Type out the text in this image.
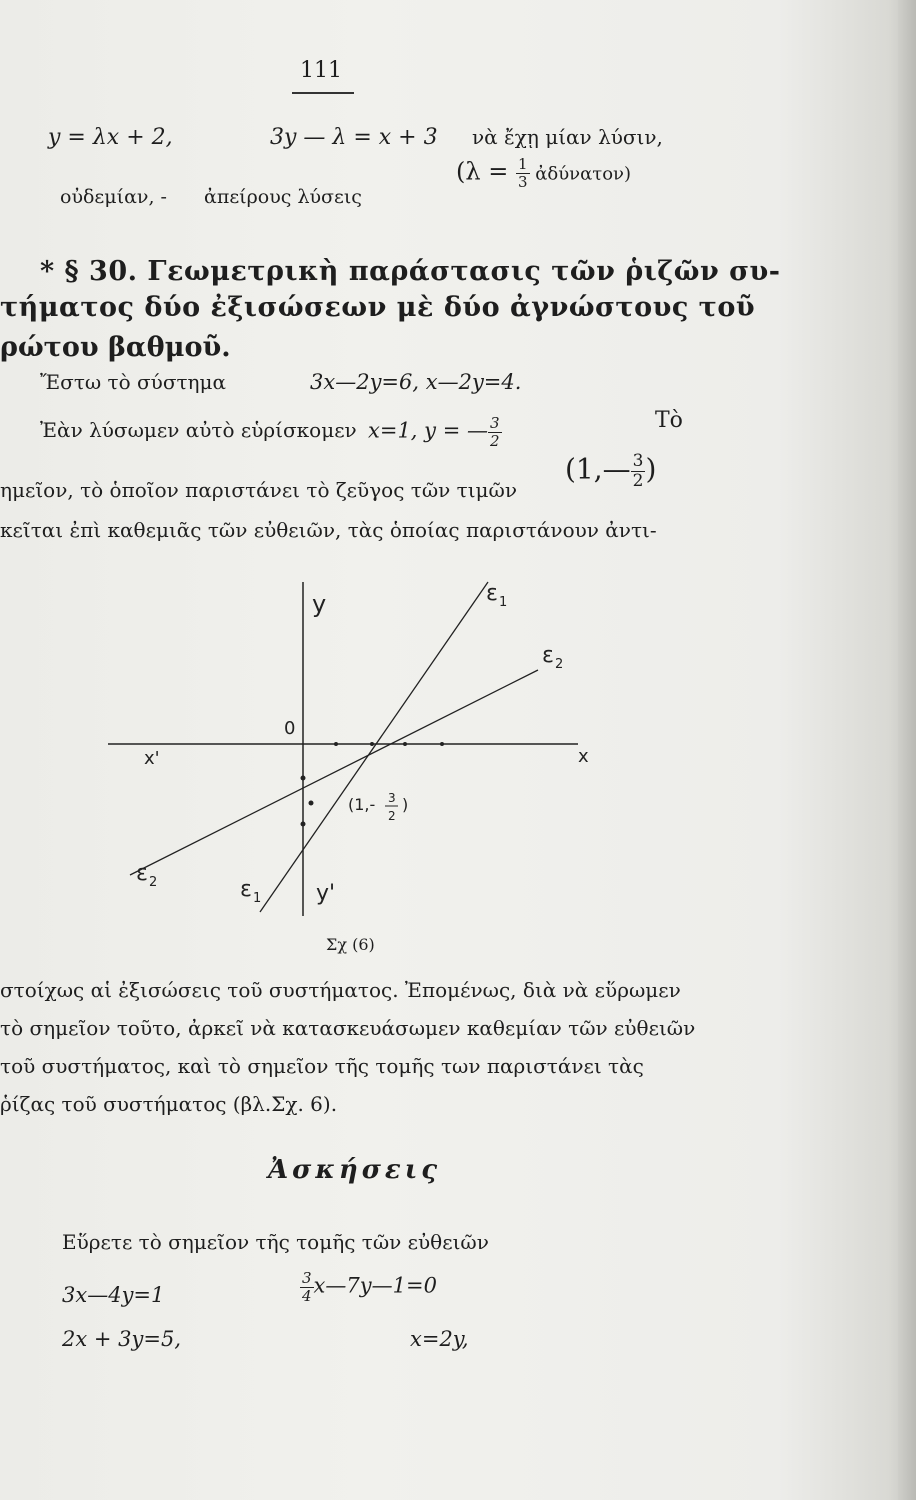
111
y = λx + 2,	3y — λ = x + 3 νὰ ἔχῃ μίαν λύσιν,
οὐδεμίαν, - ἀπείρους λύσεις
($\lambda = \frac{1}{3}$ ἀδύνατον)
* § 30. Γεωμετρικὴ παράστασις τῶν ῥιζῶν συ-
τήματος δύο ἐξισώσεων μὲ δύο ἀγνώστους τοῦ
ρώτου βαθμοῦ.
Ἔστω τὸ σύστημα	3x—2y=6, x—2y=4.
Ἐὰν λύσωμεν αὐτὸ εὑρίσκομεν x=1, y = — $\frac{3}{2}$	Τὸ
ημεῖον, τὸ ὁποῖον παριστάνει τὸ ζεῦγος τῶν τιμῶν
(1,— $\frac{3}{2}$ )
κεῖται ἐπὶ καθεμιᾶς τῶν εὐθειῶν, τὰς ὁποίας παριστάνουν ἀντι-
y
y'
x
x'
0
ε 1
ε 2
ε 2	ε 1
(1,- 3
2
)
Σχ (6)
στοίχως αἱ ἐξισώσεις τοῦ συστήματος. Ἐπομένως, διὰ νὰ εὕρωμεν
τὸ σημεῖον τοῦτο, ἀρκεῖ νὰ κατασκευάσωμεν καθεμίαν τῶν εὐθειῶν
τοῦ συστήματος, καὶ τὸ σημεῖον τῆς τομῆς των παριστάνει τὰς
ῥίζας τοῦ συστήματος (βλ.Σχ. 6).
Ἀσκήσεις
Εὕρετε τὸ σημεῖον τῆς τομῆς τῶν εὐθειῶν
3x—4y=1	$\frac{3}{4}$ x—7y—1=0
2x + 3y=5,	x=2y,
